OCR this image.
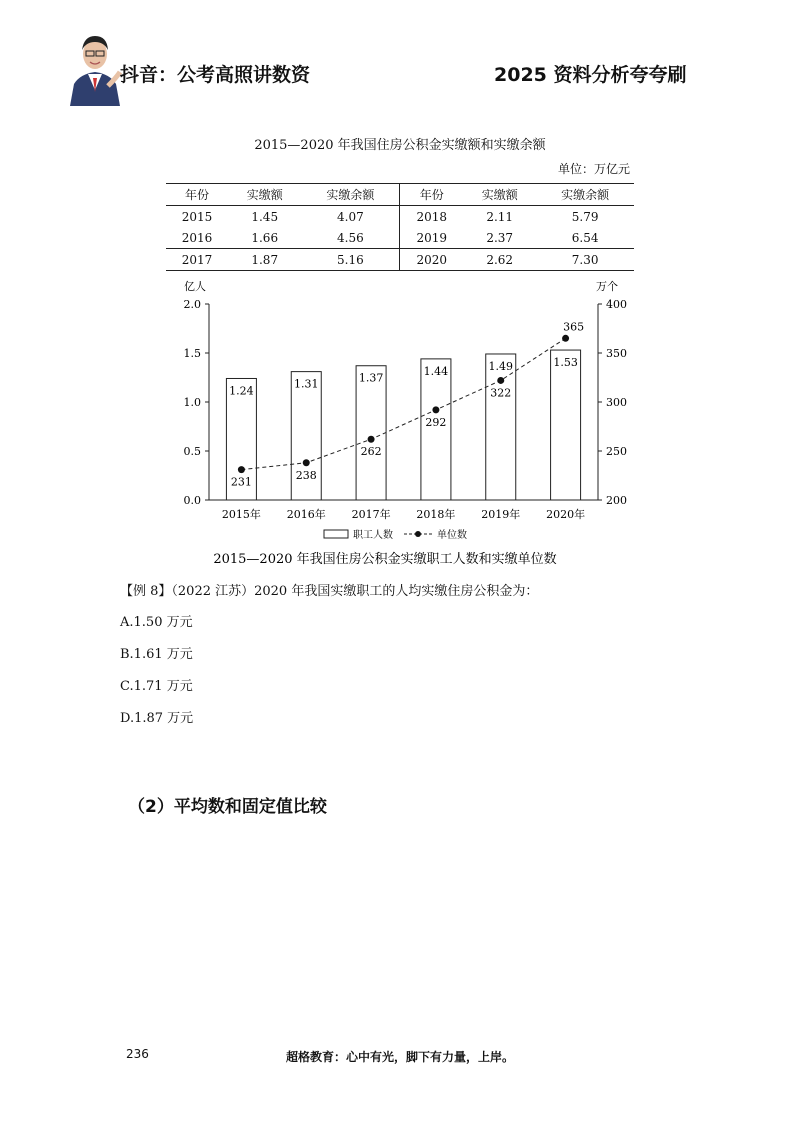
抖音：公考高照讲数资	2025 资料分析夸夸刷
2015—2020 年我国住房公积金实缴额和实缴余额
单位：万亿元
年份	实缴额	实缴余额	年份	实缴额	实缴余额
2015	1.45	4.07	2018	2.11	5.79
2016	1.66	4.56	2019	2.37	6.54
2017	1.87	5.16	2020	2.62	7.30
亿人	万个
0.0
0.5
1.0
1.5
2.0
200
250
300
350
400
1.24
2015年
1.31
2016年
1.37
2017年
1.44
2018年
1.49
2019年
1.53
2020年
231
238
262
292
322
365
职工人数	单位数
2015—2020 年我国住房公积金实缴职工人数和实缴单位数
【例 8】（2022 江苏）2020 年我国实缴职工的人均实缴住房公积金为：
A.1.50 万元
B.1.61 万元
C.1.71 万元
D.1.87 万元
（2）平均数和固定值比较
236	超格教育：心中有光，脚下有力量，上岸。
